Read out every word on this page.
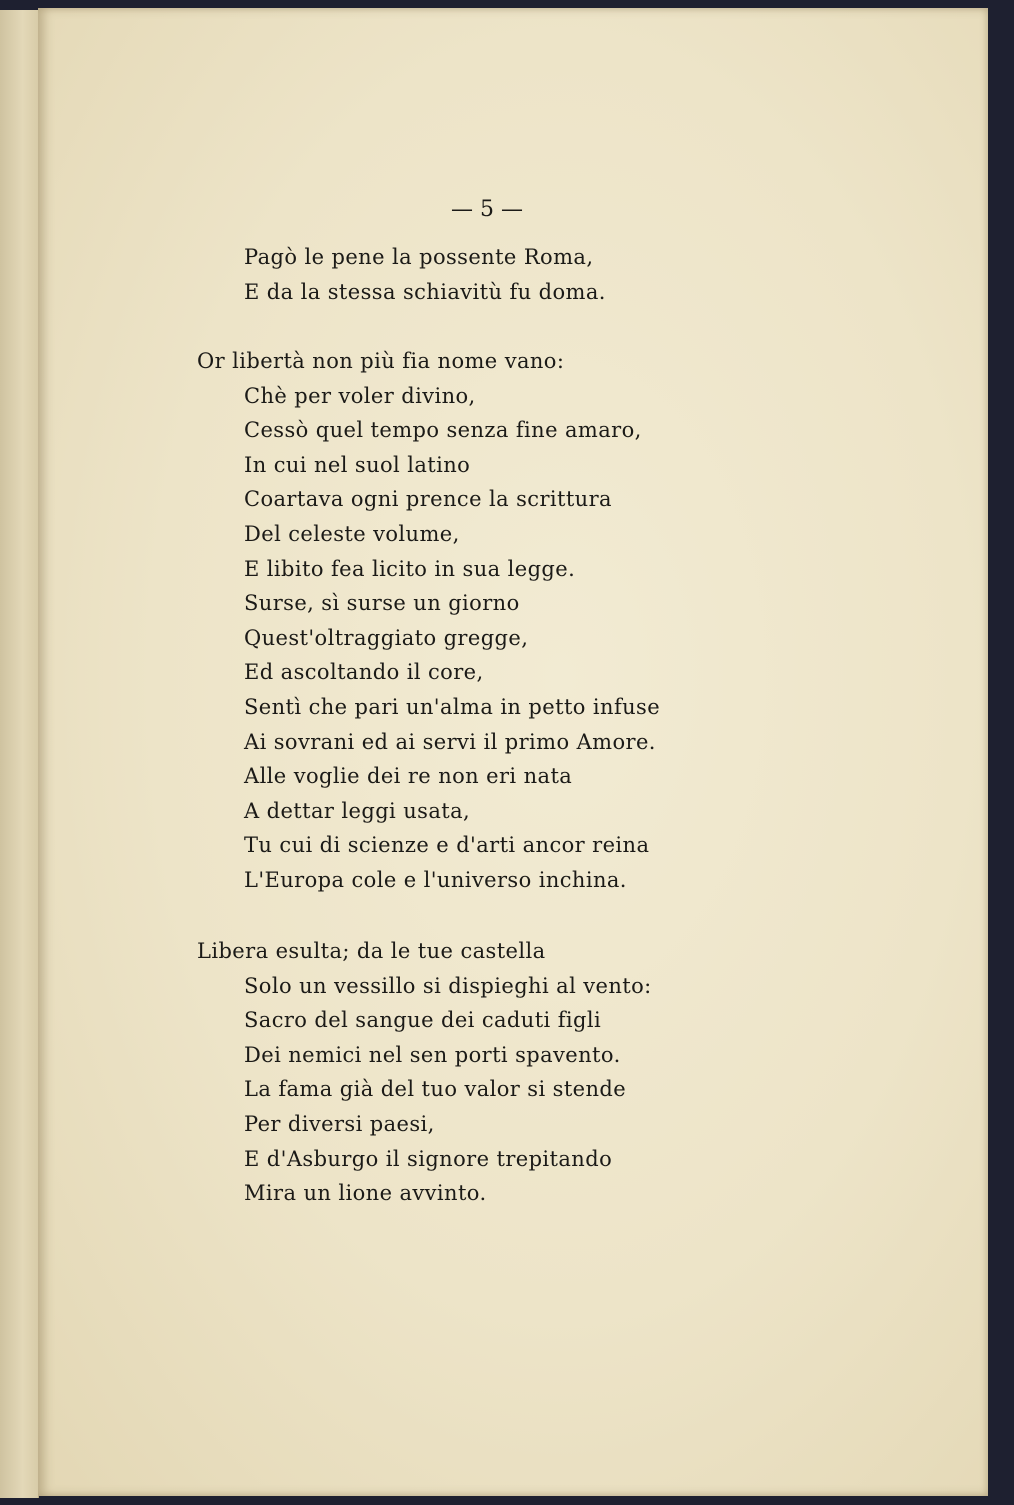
— 5 —
Pagò le pene la possente Roma,
E da la stessa schiavitù fu doma.
Or libertà non più fia nome vano:
Chè per voler divino,
Cessò quel tempo senza fine amaro,
In cui nel suol latino
Coartava ogni prence la scrittura
Del celeste volume,
E libito fea licito in sua legge.
Surse, sì surse un giorno
Quest'oltraggiato gregge,
Ed ascoltando il core,
Sentì che pari un'alma in petto infuse
Ai sovrani ed ai servi il primo Amore.
Alle voglie dei re non eri nata
A dettar leggi usata,
Tu cui di scienze e d'arti ancor reina
L'Europa cole e l'universo inchina.
Libera esulta; da le tue castella
Solo un vessillo si dispieghi al vento:
Sacro del sangue dei caduti figli
Dei nemici nel sen porti spavento.
La fama già del tuo valor si stende
Per diversi paesi,
E d'Asburgo il signore trepitando
Mira un lione avvinto.
